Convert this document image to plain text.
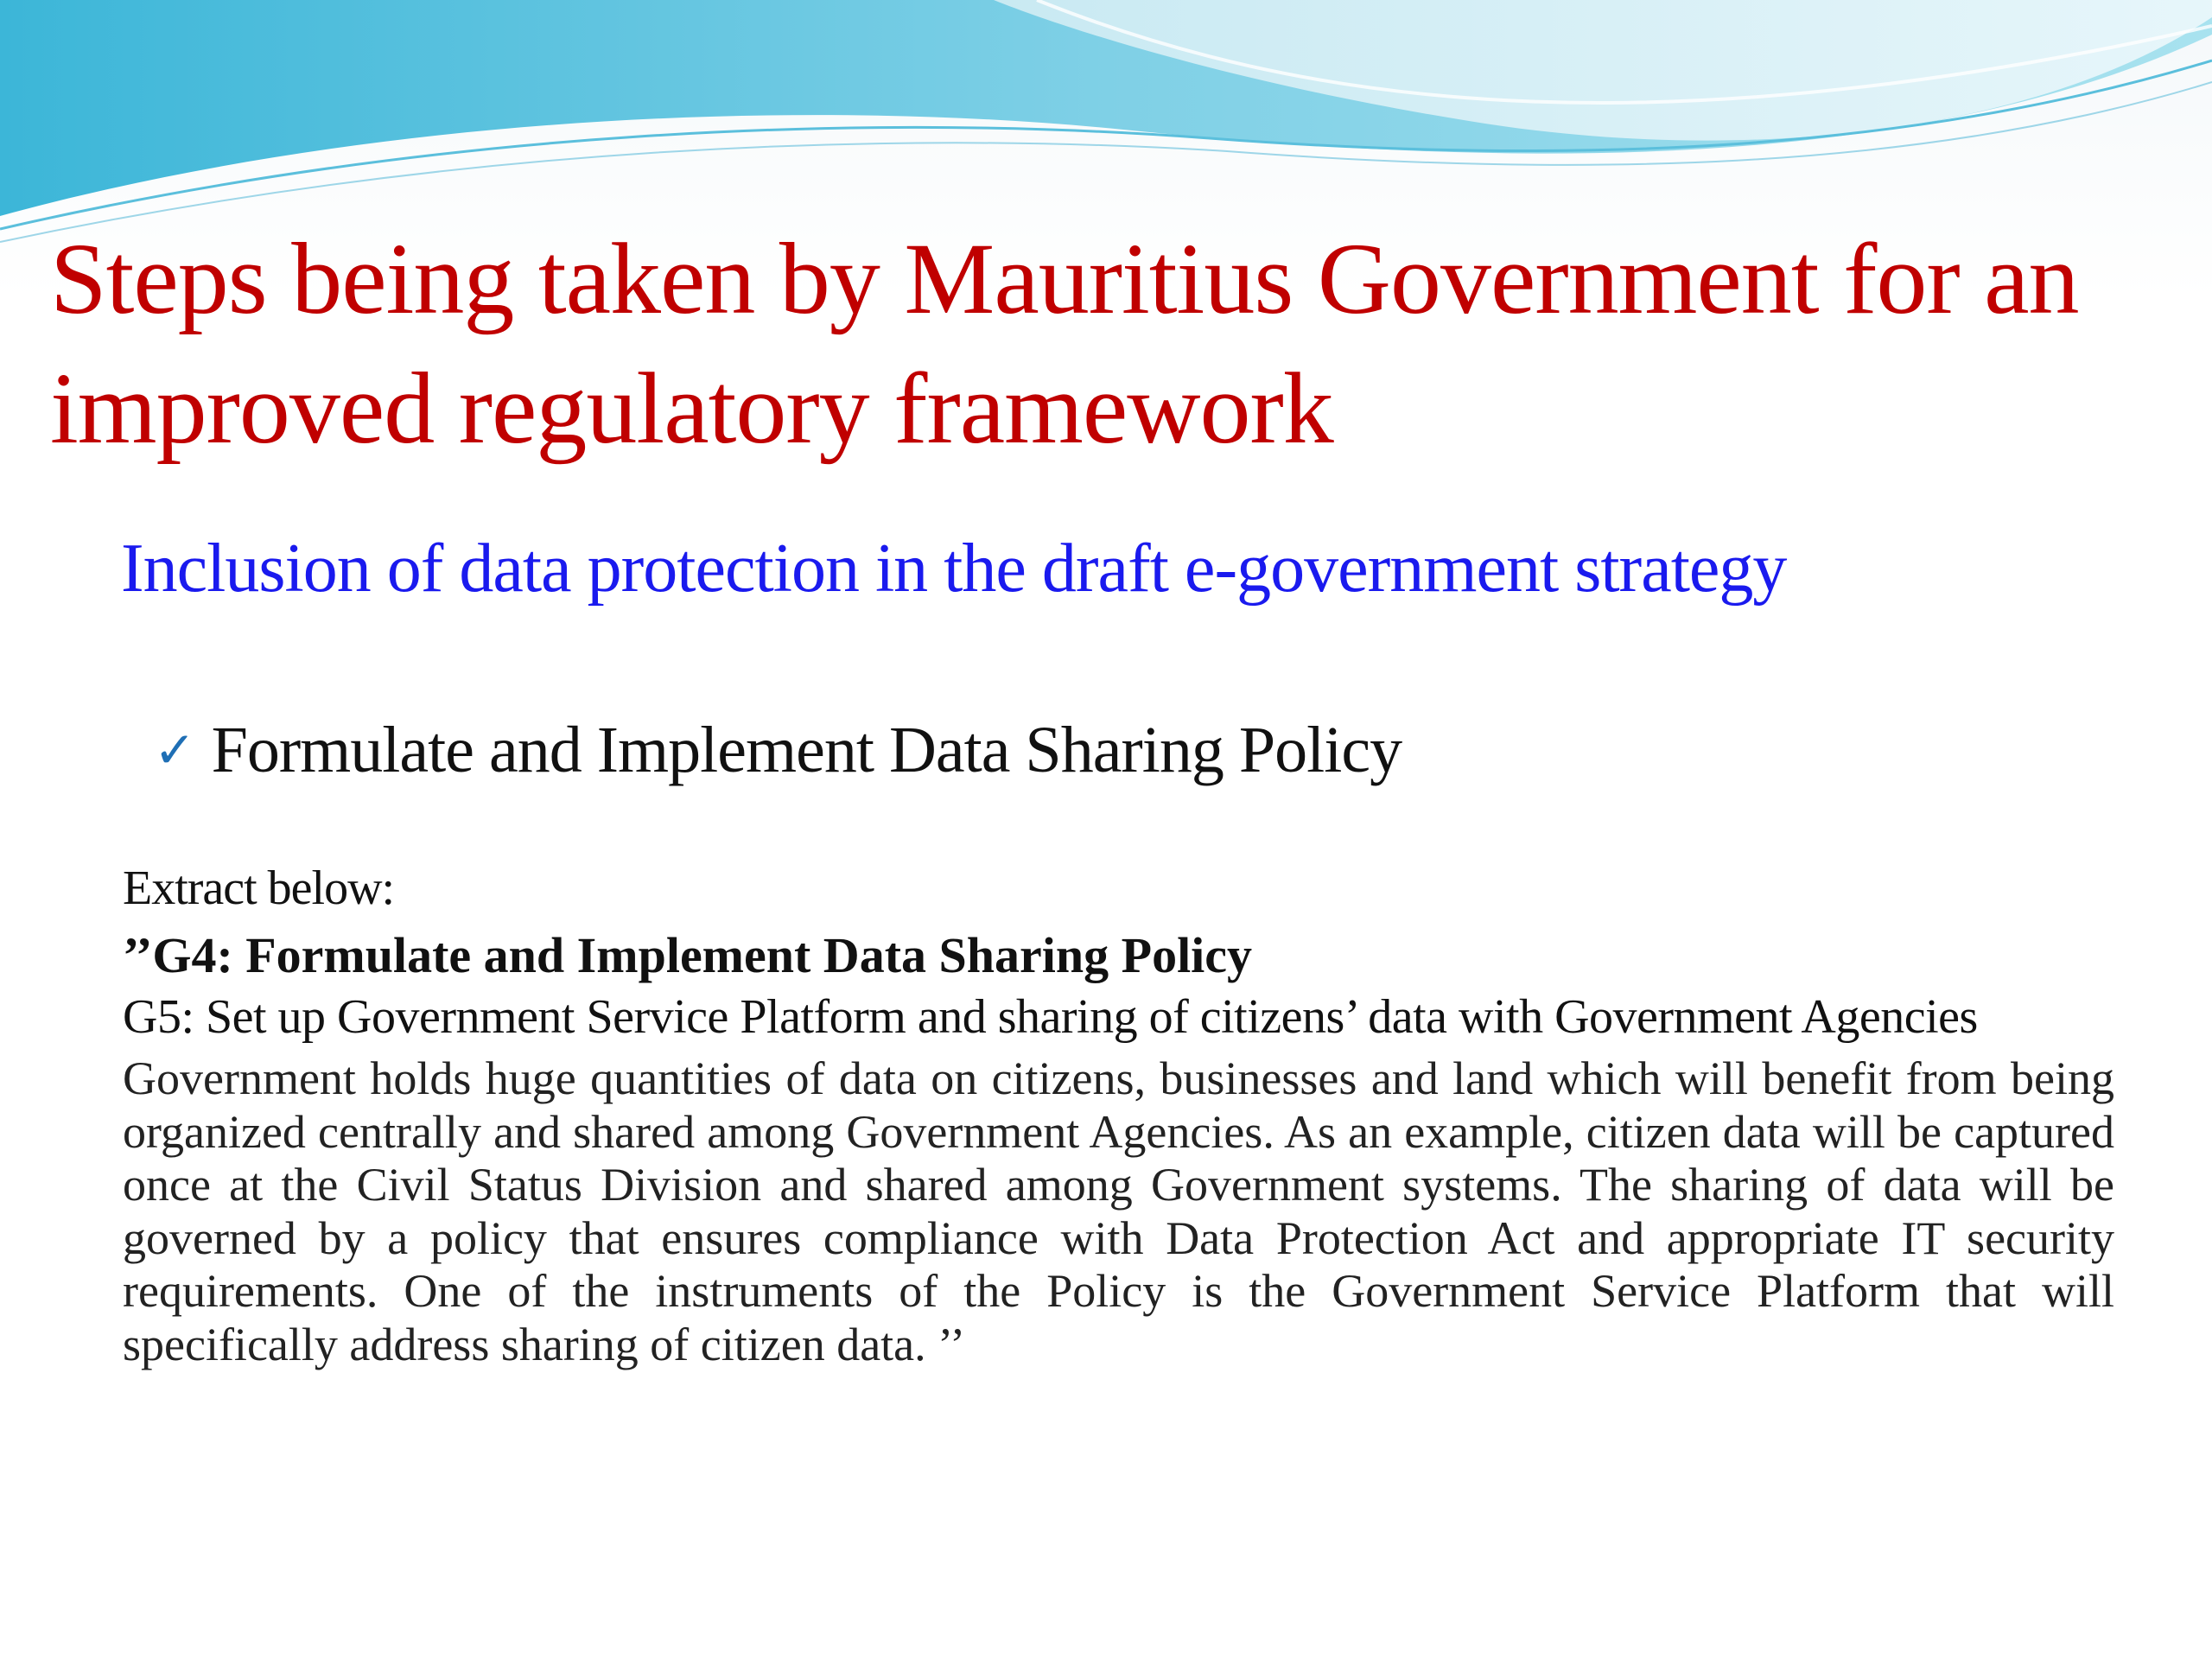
Steps being taken by Mauritius Government for an improved regulatory framework
Inclusion of data protection in the draft e-government strategy
✓ Formulate and Implement Data Sharing Policy
Extract below:
’’G4: Formulate and Implement Data Sharing Policy
G5: Set up Government Service Platform and sharing of citizens’ data with Government Agencies
Government holds huge quantities of data on citizens, businesses and land which will benefit from being organized centrally and shared among Government Agencies. As an example, citizen data will be captured once at the Civil Status Division and shared among Government systems. The sharing of data will be governed by a policy that ensures compliance with Data Protection Act and appropriate IT security requirements. One of the instruments of the Policy is the Government Service Platform that will specifically address sharing of citizen data. ’’
